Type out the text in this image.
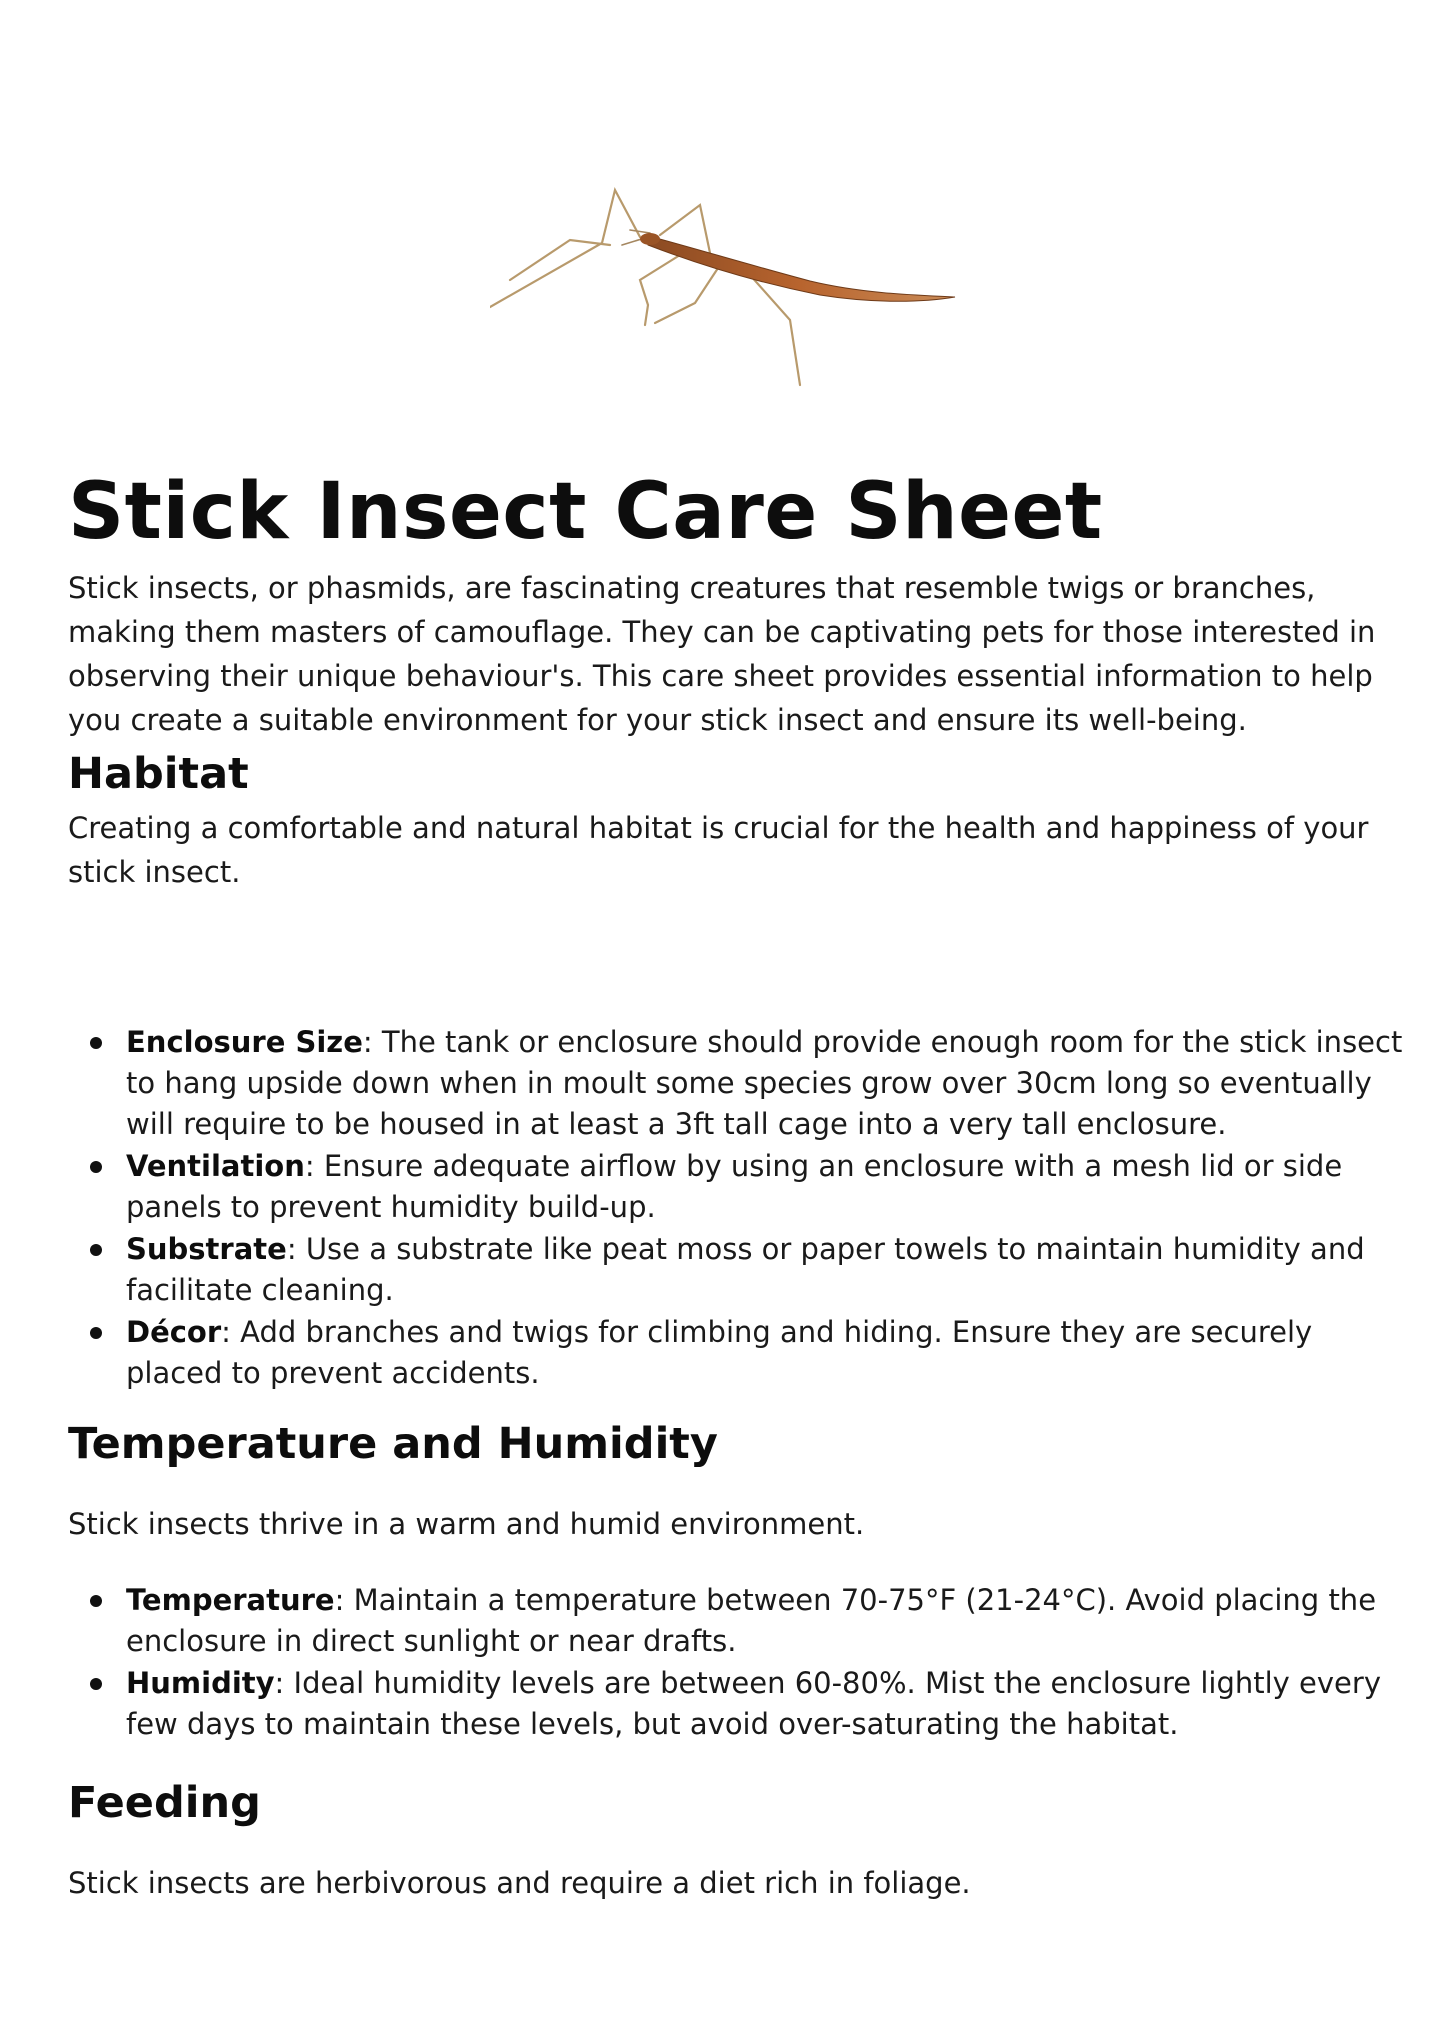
Stick Insect Care Sheet

Stick insects, or phasmids, are fascinating creatures that resemble twigs or branches, making them masters of camouflage. They can be captivating pets for those interested in observing their unique behaviour's. This care sheet provides essential information to help you create a suitable environment for your stick insect and ensure its well-being.

Habitat

Creating a comfortable and natural habitat is crucial for the health and happiness of your stick insect.

Enclosure Size: The tank or enclosure should provide enough room for the stick insect to hang upside down when in moult some species grow over 30cm long so eventually will require to be housed in at least a 3ft tall cage into a very tall enclosure.
Ventilation: Ensure adequate airflow by using an enclosure with a mesh lid or side panels to prevent humidity build-up.
Substrate: Use a substrate like peat moss or paper towels to maintain humidity and facilitate cleaning.
Décor: Add branches and twigs for climbing and hiding. Ensure they are securely placed to prevent accidents.
Temperature and Humidity

Stick insects thrive in a warm and humid environment.

Temperature: Maintain a temperature between 70-75°F (21-24°C). Avoid placing the enclosure in direct sunlight or near drafts.
Humidity: Ideal humidity levels are between 60-80%. Mist the enclosure lightly every few days to maintain these levels, but avoid over-saturating the habitat.
Feeding

Stick insects are herbivorous and require a diet rich in foliage.
